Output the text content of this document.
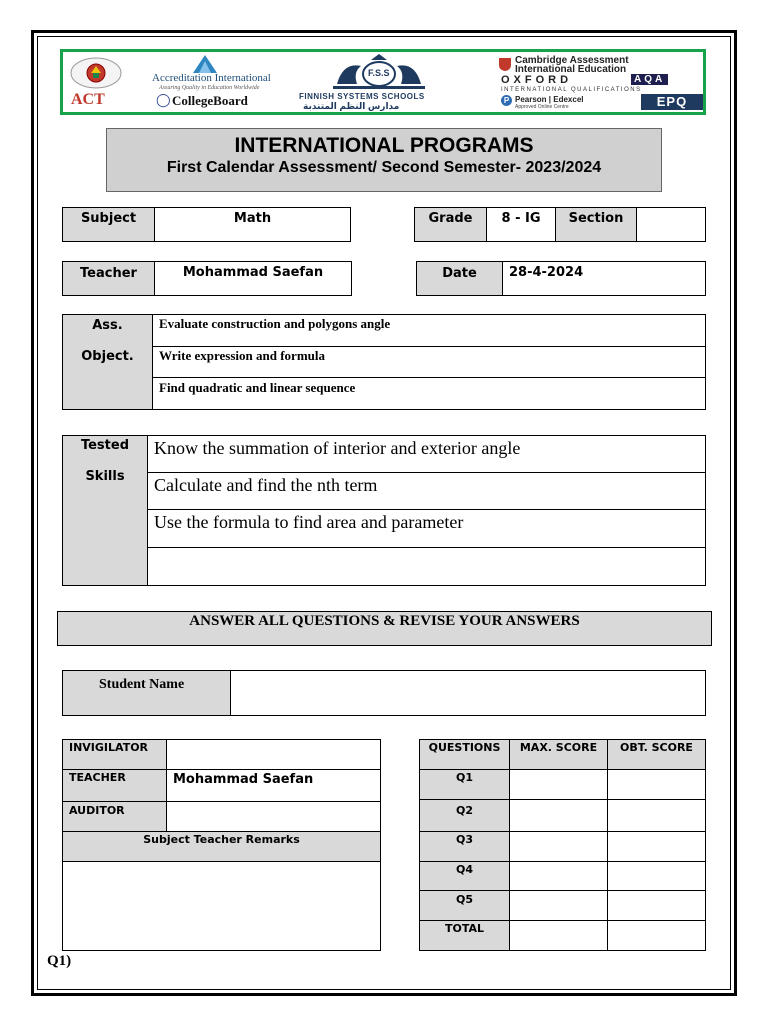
ACT
Accreditation International
Assuring Quality in Education Worldwide
◯ CollegeBoard
F.S.S
FINNISH SYSTEMS SCHOOLS
مدارس النظم المتندبة
Cambridge Assessment
International Education
OXFORD	AQA
INTERNATIONAL QUALIFICATIONS
P Pearson | Edexcel
Approved Online Centre	EPQ
INTERNATIONAL PROGRAMS
First Calendar Assessment/ Second Semester- 2023/2024
Subject	Math	Grade	8 - IG	Section
Teacher	Mohammad Saefan	Date	28-4-2024
Ass.
Object.
Evaluate construction and polygons angle
Write expression and formula
Find quadratic and linear sequence
Tested
Skills
Know the summation of interior and exterior angle
Calculate and find the nth term
Use the formula to find area and parameter
ANSWER ALL QUESTIONS & REVISE YOUR ANSWERS
Student Name
INVIGILATOR
TEACHER	Mohammad Saefan
AUDITOR
Subject Teacher Remarks
QUESTIONS	MAX. SCORE	OBT. SCORE
Q1
Q2
Q3
Q4
Q5
TOTAL
Q1)
